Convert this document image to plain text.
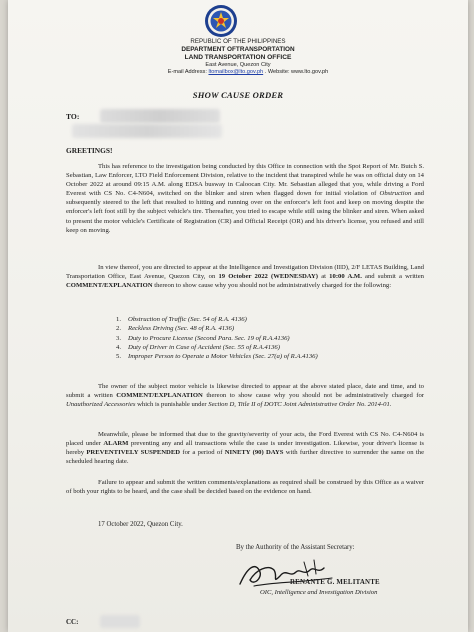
REPUBLIC OF THE PHILIPPINES
DEPARTMENT OFTRANSPORTATION
LAND TRANSPORTATION OFFICE
East Avenue, Quezon City
E-mail Address: ltomailbox@lto.gov.ph . Website: www.lto.gov.ph
SHOW CAUSE ORDER
TO:
GREETINGS!
This has reference to the investigation being conducted by this Office in connection with the Spot Report of Mr. Butch S. Sebastian, Law Enforcer, LTO Field Enforcement Division, relative to the incident that transpired while he was on official duty on 14 October 2022 at around 09:15 A.M. along EDSA busway in Caloocan City. Mr. Sebastian alleged that you, while driving a Ford Everest with CS No. C4-N604, switched on the blinker and siren when flagged down for initial violation of Obstruction and subsequently steered to the left that resulted to hitting and running over on the enforcer's left foot and keep on moving despite the enforcer's left foot still by the subject vehicle's tire. Thereafter, you tried to escape while still using the blinker and siren. When asked to present the motor vehicle's Certificate of Registration (CR) and Official Receipt (OR) and his driver's license, you refused and still keep on moving.
In view thereof, you are directed to appear at the Intelligence and Investigation Division (IID), 2/F LETAS Building, Land Transportation Office, East Avenue, Quezon City, on 19 October 2022 (WEDNESDAY) at 10:00 A.M. and submit a written COMMENT/EXPLANATION thereon to show cause why you should not be administratively charged for the following:
1. Obstruction of Traffic (Sec. 54 of R.A. 4136)
2. Reckless Driving (Sec. 48 of R.A. 4136)
3. Duty to Procure License (Second Para. Sec. 19 of R.A.4136)
4. Duty of Driver in Case of Accident (Sec. 55 of R.A.4136)
5. Improper Person to Operate a Motor Vehicles (Sec. 27(a) of R.A.4136)
The owner of the subject motor vehicle is likewise directed to appear at the above stated place, date and time, and to submit a written COMMENT/EXPLANATION thereon to show cause why you should not be administratively charged for Unauthorized Accessories which is punishable under Section D, Title II of DOTC Joint Administrative Order No. 2014-01.
Meanwhile, please be informed that due to the gravity/severity of your acts, the Ford Everest with CS No. C4-N604 is placed under ALARM preventing any and all transactions while the case is under investigation. Likewise, your driver's license is hereby PREVENTIVELY SUSPENDED for a period of NINETY (90) DAYS with further directive to surrender the same on the scheduled hearing date.
Failure to appear and submit the written comments/explanations as required shall be construed by this Office as a waiver of both your rights to be heard, and the case shall be decided based on the evidence on hand.
17 October 2022, Quezon City.
By the Authority of the Assistant Secretary:
RENANTE G. MELITANTE
OIC, Intelligence and Investigation Division
CC:
